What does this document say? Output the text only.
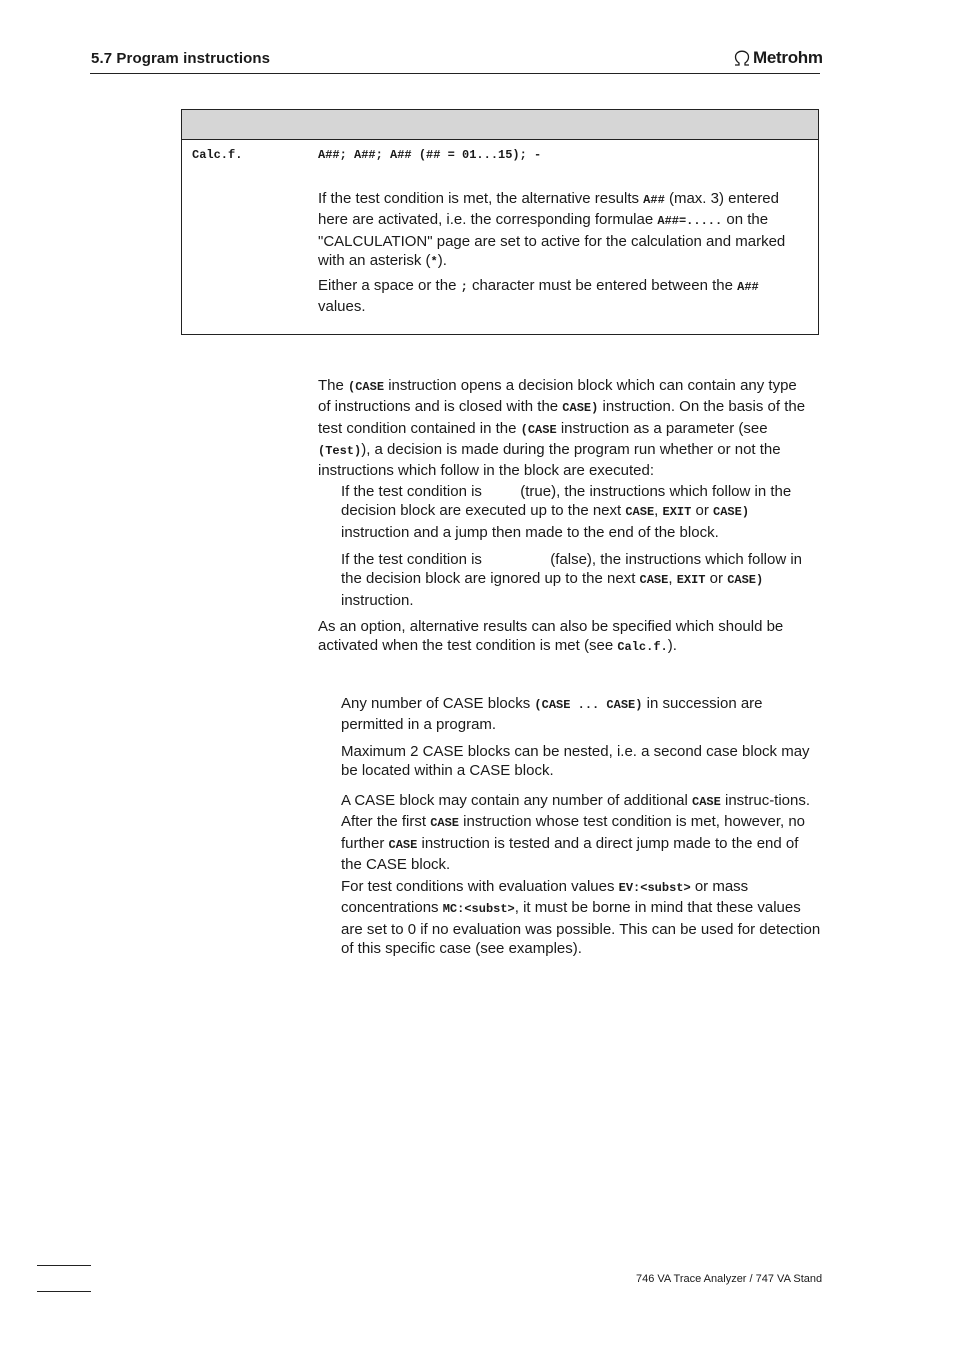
5.7 Program instructions	Metrohm
Calc.f.	A##; A##; A## (## = 01...15); -

If the test condition is met, the alternative results A## (max. 3) entered here are activated, i.e. the corresponding formulae A##=..... on the "CALCULATION" page are set to active for the calculation and marked with an asterisk (*).

Either a space or the ; character must be entered between the A## values.

The (CASE instruction opens a decision block which can contain any type of instructions and is closed with the CASE) instruction. On the basis of the test condition contained in the (CASE instruction as a parameter (see (Test)), a decision is made during the program run whether or not the instructions which follow in the block are executed:

If the test condition is    (true), the instructions which follow in the decision block are executed up to the next CASE, EXIT or CASE) instruction and a jump then made to the end of the block.

If the test condition is      (false), the instructions which follow in the decision block are ignored up to the next CASE, EXIT or CASE) instruction.

As an option, alternative results can also be specified which should be activated when the test condition is met (see Calc.f.).

Any number of CASE blocks (CASE ... CASE) in succession are permitted in a program.

Maximum 2 CASE blocks can be nested, i.e. a second case block may be located within a CASE block.

A CASE block may contain any number of additional CASE instruc-tions. After the first CASE instruction whose test condition is met, however, no further CASE instruction is tested and a direct jump made to the end of the CASE block.

For test conditions with evaluation values EV:<subst> or mass concentrations MC:<subst>, it must be borne in mind that these values are set to 0 if no evaluation was possible. This can be used for detection of this specific case (see examples).

746 VA Trace Analyzer / 747 VA Stand
